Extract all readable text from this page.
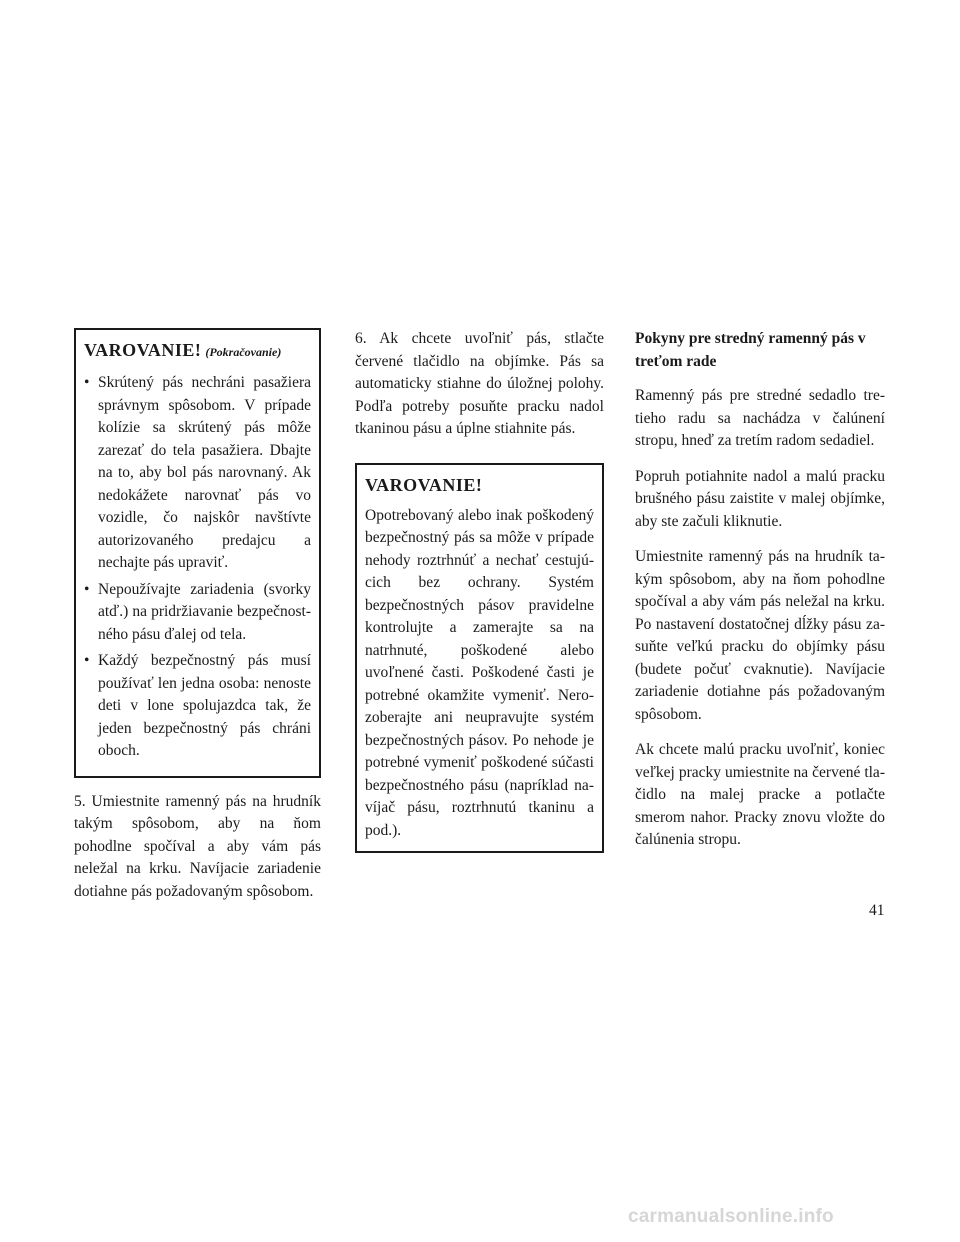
VAROVANIE! (Pokračovanie)
• Skrútený pás nechráni pasažiera správnym spôsobom. V prípade kolízie sa skrútený pás môže zarezať do tela pasažiera. Dbajte na to, aby bol pás narovnaný. Ak nedokážete narovnať pás vo vozidle, čo najskôr navštívte autorizovaného predajcu a nechajte pás upraviť.
• Nepoužívajte zariadenia (svorky atď.) na pridržiavanie bezpečnostného pásu ďalej od tela.
• Každý bezpečnostný pás musí používať len jedna osoba: nenoste deti v lone spolujazdca tak, že jeden bezpečnostný pás chráni oboch.

5. Umiestnite ramenný pás na hrudník takým spôsobom, aby na ňom pohodlne spočíval a aby vám pás neležal na krku. Navíjacie zariadenie dotiahne pás požadovaným spôsobom.

6. Ak chcete uvoľniť pás, stlačte červené tlačidlo na objímke. Pás sa automaticky stiahne do úložnej polohy. Podľa potreby posuňte pracku nadol tkaninou pásu a úplne stiahnite pás.

VAROVANIE!

Opotrebovaný alebo inak poškodený bezpečnostný pás sa môže v prípade nehody roztrhnúť a nechať cestujúcich bez ochrany. Systém bezpečnostných pásov pravidelne kontrolujte a zamerajte sa na natrhnuté, poškodené alebo uvoľnené časti. Poškodené časti je potrebné okamžite vymeniť. Nerozoberajte ani neupravujte systém bezpečnostných pásov. Po nehode je potrebné vymeniť poškodené súčasti bezpečnostného pásu (napríklad navíjač pásu, roztrhnutú tkaninu a pod.).

Pokyny pre stredný ramenný pás v treťom rade

Ramenný pás pre stredné sedadlo tretieho radu sa nachádza v čalúnení stropu, hneď za tretím radom sedadiel.

Popruh potiahnite nadol a malú pracku brušného pásu zaistite v malej objímke, aby ste začuli kliknutie.

Umiestnite ramenný pás na hrudník takým spôsobom, aby na ňom pohodlne spočíval a aby vám pás neležal na krku. Po nastavení dostatočnej dĺžky pásu zasuňte veľkú pracku do objímky pásu (budete počuť cvaknutie). Navíjacie zariadenie dotiahne pás požadovaným spôsobom.

Ak chcete malú pracku uvoľniť, koniec veľkej pracky umiestnite na červené tlačidlo na malej pracke a potlačte smerom nahor. Pracky znovu vložte do čalúnenia stropu.

41
carmanualsonline.info
